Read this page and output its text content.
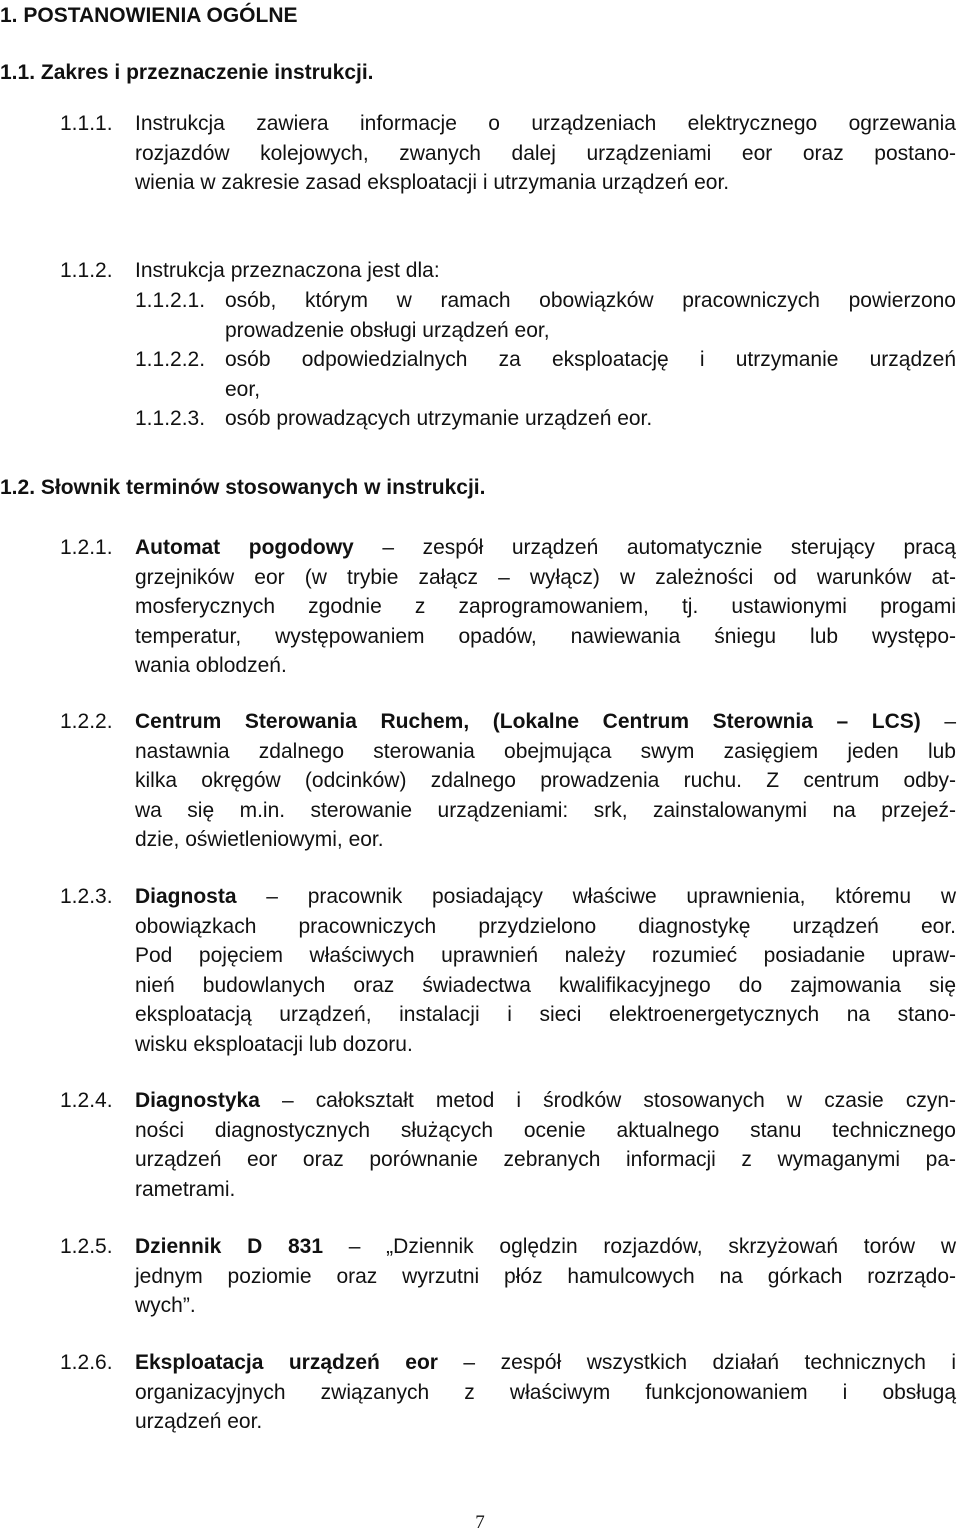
1. POSTANOWIENIA OGÓLNE
1.1. Zakres i przeznaczenie instrukcji.
1.1.1. Instrukcja zawiera informacje o urządzeniach elektrycznego ogrzewania
rozjazdów kolejowych, zwanych dalej urządzeniami eor oraz postano-
wienia w zakresie zasad eksploatacji i utrzymania urządzeń eor.
1.1.2. Instrukcja przeznaczona jest dla:
1.1.2.1. osób, którym w ramach obowiązków pracowniczych powierzono
prowadzenie obsługi urządzeń eor,
1.1.2.2. osób odpowiedzialnych za eksploatację i utrzymanie urządzeń
eor,
1.1.2.3. osób prowadzących utrzymanie urządzeń eor.
1.2. Słownik terminów stosowanych w instrukcji.
1.2.1. Automat pogodowy – zespół urządzeń automatycznie sterujący pracą
grzejników eor (w trybie załącz – wyłącz) w zależności od warunków at-
mosferycznych zgodnie z zaprogramowaniem, tj. ustawionymi progami
temperatur, występowaniem opadów, nawiewania śniegu lub występo-
wania oblodzeń.
1.2.2. Centrum Sterowania Ruchem, (Lokalne Centrum Sterownia – LCS) –
nastawnia zdalnego sterowania obejmująca swym zasięgiem jeden lub
kilka okręgów (odcinków) zdalnego prowadzenia ruchu. Z centrum odby-
wa się m.in. sterowanie urządzeniami: srk, zainstalowanymi na przejeź-
dzie, oświetleniowymi, eor.
1.2.3. Diagnosta – pracownik posiadający właściwe uprawnienia, któremu w
obowiązkach pracowniczych przydzielono diagnostykę urządzeń eor.
Pod pojęciem właściwych uprawnień należy rozumieć posiadanie upraw-
nień budowlanych oraz świadectwa kwalifikacyjnego do zajmowania się
eksploatacją urządzeń, instalacji i sieci elektroenergetycznych na stano-
wisku eksploatacji lub dozoru.
1.2.4. Diagnostyka – całokształt metod i środków stosowanych w czasie czyn-
ności diagnostycznych służących ocenie aktualnego stanu technicznego
urządzeń eor oraz porównanie zebranych informacji z wymaganymi pa-
rametrami.
1.2.5. Dziennik D 831 – „Dziennik oględzin rozjazdów, skrzyżowań torów w
jednym poziomie oraz wyrzutni płóz hamulcowych na górkach rozrządo-
wych”.
1.2.6. Eksploatacja urządzeń eor – zespół wszystkich działań technicznych i
organizacyjnych związanych z właściwym funkcjonowaniem i obsługą
urządzeń eor.
7
